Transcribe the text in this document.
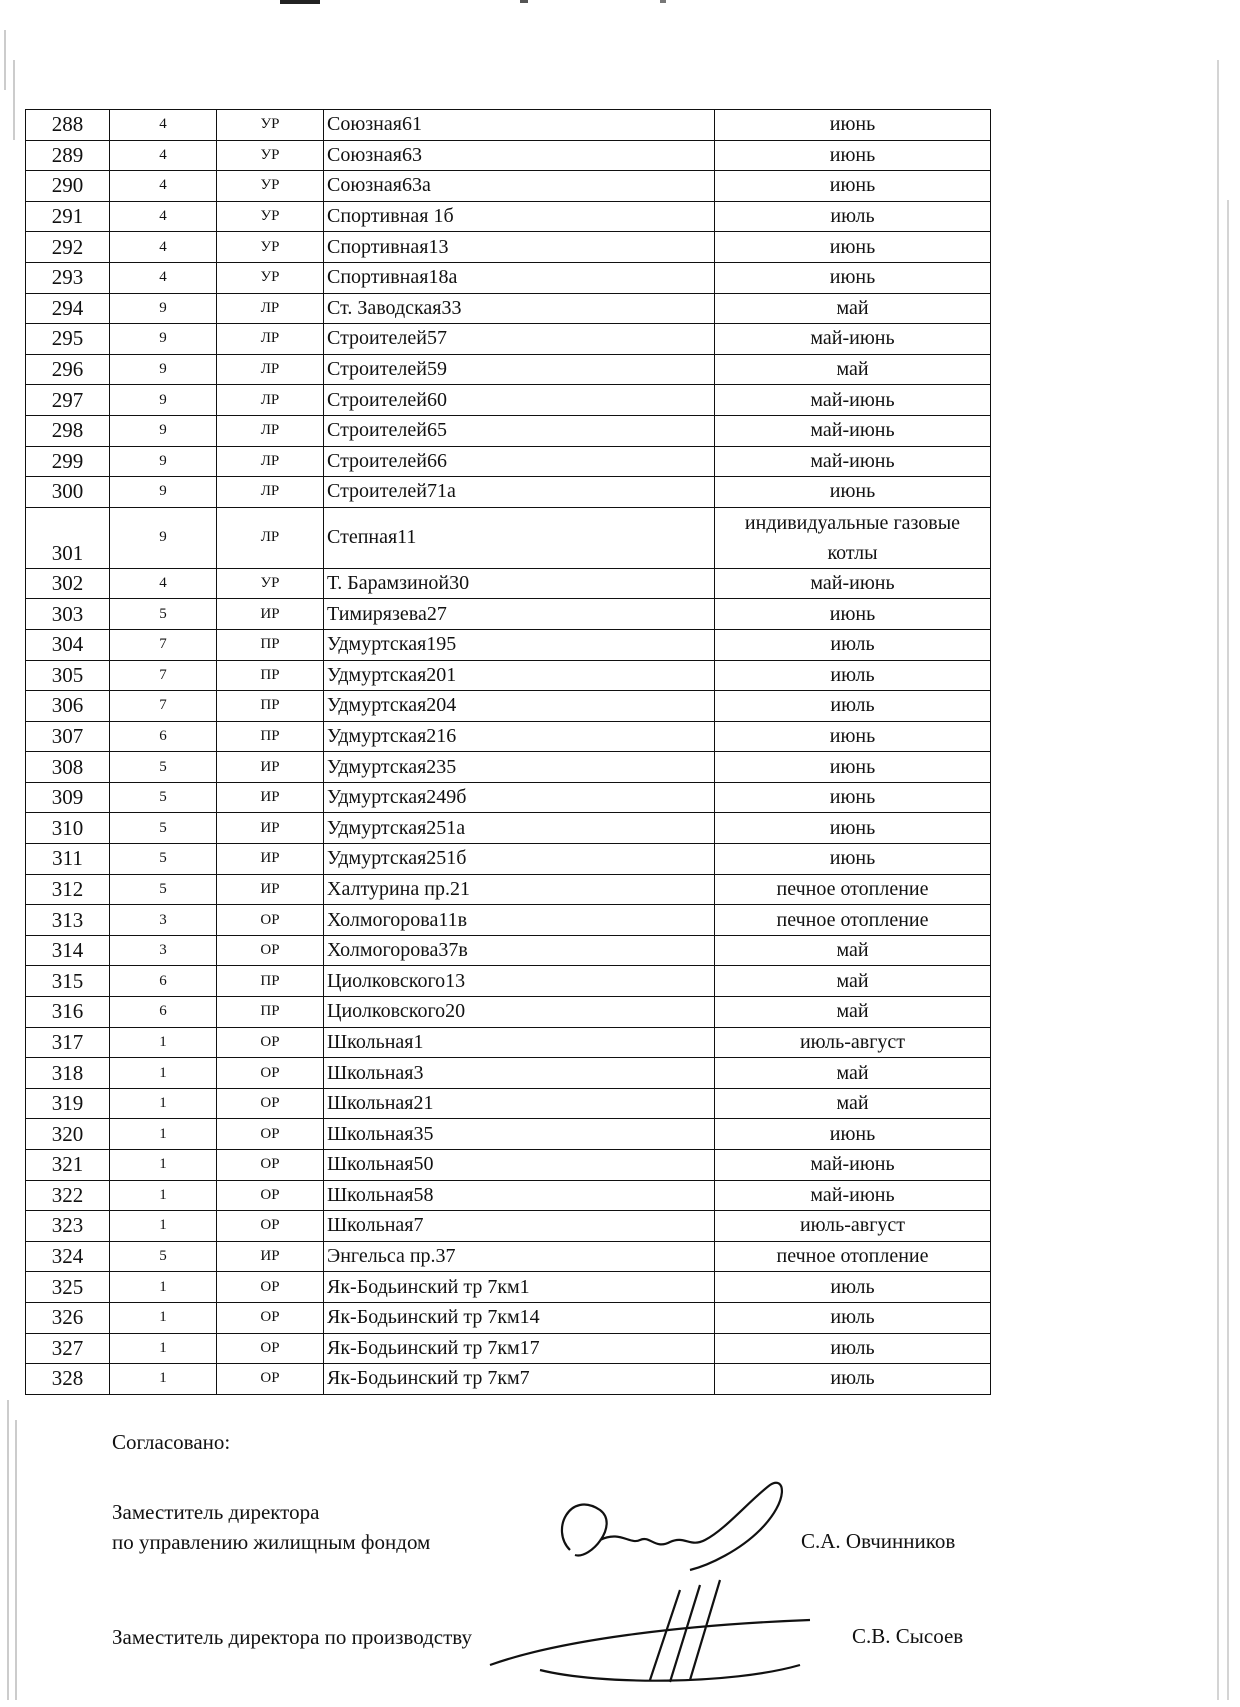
288	4	УР	Союзная61	июнь
289	4	УР	Союзная63	июнь
290	4	УР	Союзная63а	июнь
291	4	УР	Спортивная 1б	июль
292	4	УР	Спортивная13	июнь
293	4	УР	Спортивная18а	июнь
294	9	ЛР	Ст. Заводская33	май
295	9	ЛР	Строителей57	май-июнь
296	9	ЛР	Строителей59	май
297	9	ЛР	Строителей60	май-июнь
298	9	ЛР	Строителей65	май-июнь
299	9	ЛР	Строителей66	май-июнь
300	9	ЛР	Строителей71а	июнь
301	9	ЛР	Степная11	индивидуальные газовые котлы
302	4	УР	Т. Барамзиной30	май-июнь
303	5	ИР	Тимирязева27	июнь
304	7	ПР	Удмуртская195	июль
305	7	ПР	Удмуртская201	июль
306	7	ПР	Удмуртская204	июль
307	6	ПР	Удмуртская216	июнь
308	5	ИР	Удмуртская235	июнь
309	5	ИР	Удмуртская249б	июнь
310	5	ИР	Удмуртская251а	июнь
311	5	ИР	Удмуртская251б	июнь
312	5	ИР	Халтурина пр.21	печное отопление
313	3	ОР	Холмогорова11в	печное отопление
314	3	ОР	Холмогорова37в	май
315	6	ПР	Циолковского13	май
316	6	ПР	Циолковского20	май
317	1	ОР	Школьная1	июль-август
318	1	ОР	Школьная3	май
319	1	ОР	Школьная21	май
320	1	ОР	Школьная35	июнь
321	1	ОР	Школьная50	май-июнь
322	1	ОР	Школьная58	май-июнь
323	1	ОР	Школьная7	июль-август
324	5	ИР	Энгельса пр.37	печное отопление
325	1	ОР	Як-Бодьинский тр 7км1	июль
326	1	ОР	Як-Бодьинский тр 7км14	июль
327	1	ОР	Як-Бодьинский тр 7км17	июль
328	1	ОР	Як-Бодьинский тр 7км7	июль
Согласовано:
Заместитель директора
по управлению жилищным фондом	С.А. Овчинников
Заместитель директора по производству	С.В. Сысоев
